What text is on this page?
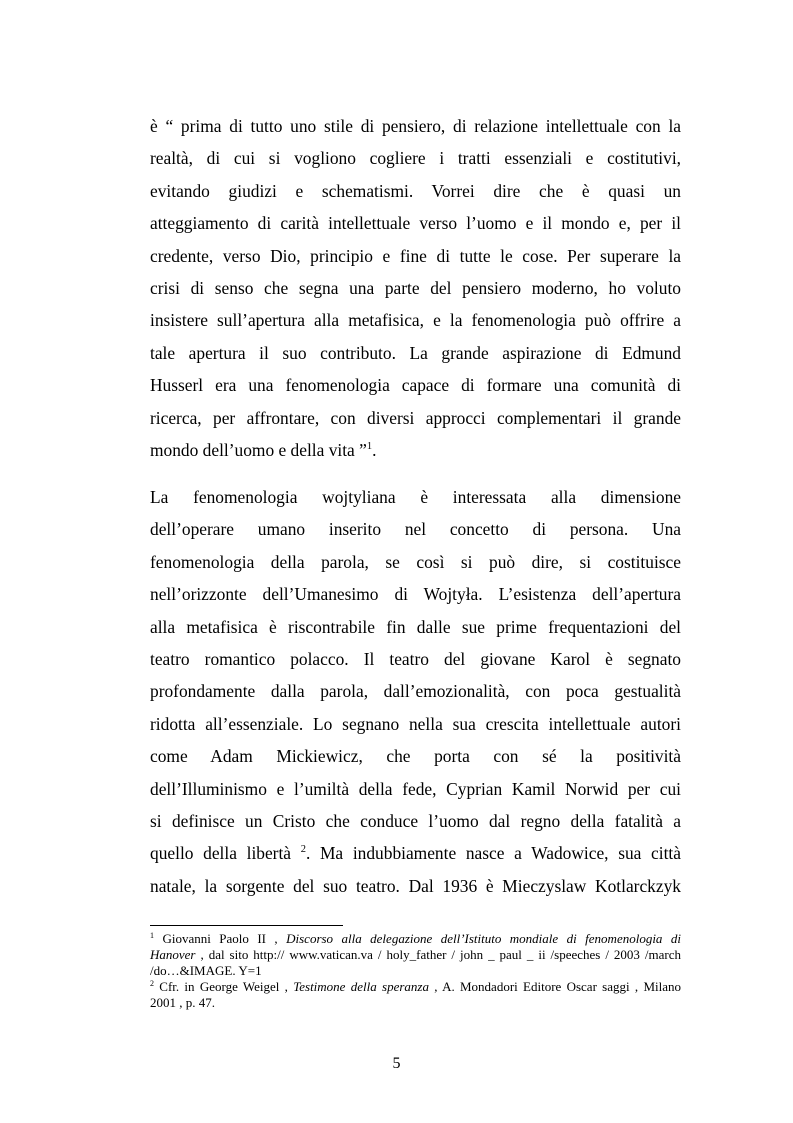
è “ prima di tutto uno stile di pensiero, di relazione intellettuale con la
realtà, di cui si vogliono cogliere i tratti essenziali e costitutivi,
evitando giudizi e schematismi. Vorrei dire che è quasi un
atteggiamento di carità intellettuale verso l’uomo e il mondo e, per il
credente, verso Dio, principio e fine di tutte le cose. Per superare la
crisi di senso che segna una parte del pensiero moderno, ho voluto
insistere sull’apertura alla metafisica, e la fenomenologia può offrire a
tale apertura il suo contributo. La grande aspirazione di Edmund
Husserl era una fenomenologia capace di formare una comunità di
ricerca, per affrontare, con diversi approcci complementari il grande
mondo dell’uomo e della vita ”$^1$.
La fenomenologia wojtyliana è interessata alla dimensione
dell’operare umano inserito nel concetto di persona. Una
fenomenologia della parola, se così si può dire, si costituisce
nell’orizzonte dell’Umanesimo di Wojtyła. L’esistenza dell’apertura
alla metafisica è riscontrabile fin dalle sue prime frequentazioni del
teatro romantico polacco. Il teatro del giovane Karol è segnato
profondamente dalla parola, dall’emozionalità, con poca gestualità
ridotta all’essenziale. Lo segnano nella sua crescita intellettuale autori
come Adam Mickiewicz, che porta con sé la positività
dell’Illuminismo e l’umiltà della fede, Cyprian Kamil Norwid per cui
si definisce un Cristo che conduce l’uomo dal regno della fatalità a
quello della libertà $^2$. Ma indubbiamente nasce a Wadowice, sua città
natale, la sorgente del suo teatro. Dal 1936 è Mieczyslaw Kotlarckzyk
$^1$ Giovanni Paolo II , Discorso alla delegazione dell’Istituto mondiale di fenomenologia di
Hanover , dal sito http:// www.vatican.va / holy_father / john _ paul _ ii /speeches / 2003 /march
/do…&IMAGE. Y=1
$^2$ Cfr. in George Weigel , Testimone della speranza , A. Mondadori Editore Oscar saggi , Milano
2001 , p. 47.
5
